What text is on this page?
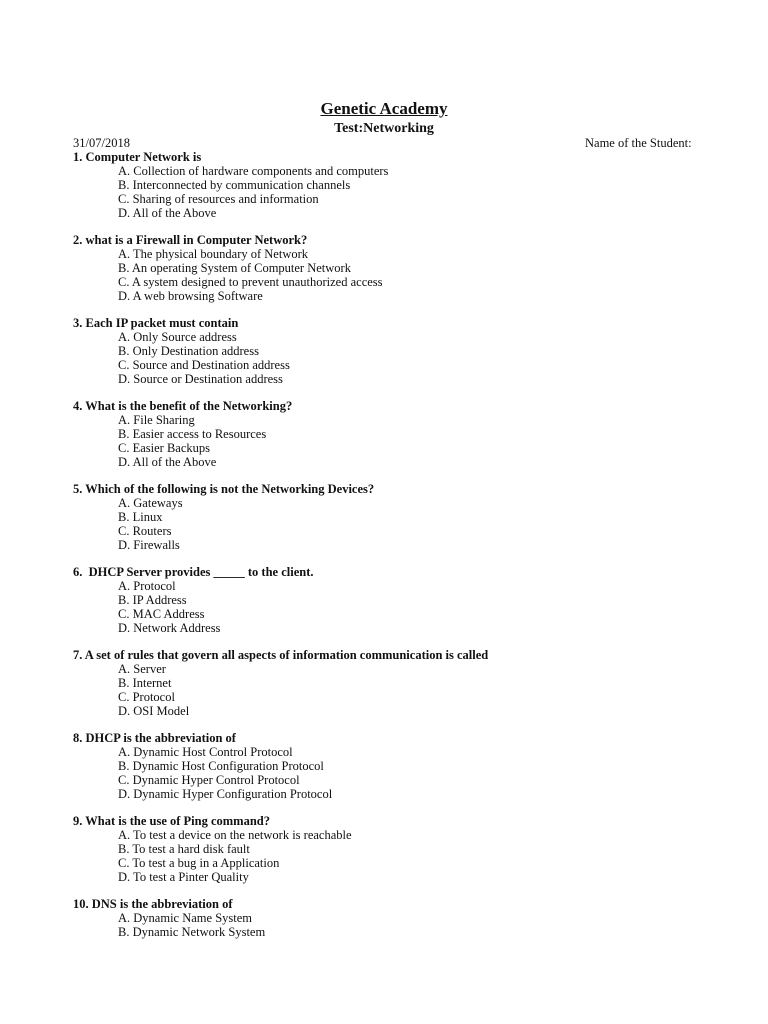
Genetic Academy
Test:Networking
31/07/2018	Name of the Student:
1. Computer Network is
A. Collection of hardware components and computers
B. Interconnected by communication channels
C. Sharing of resources and information
D. All of the Above
2. what is a Firewall in Computer Network?
A. The physical boundary of Network
B. An operating System of Computer Network
C. A system designed to prevent unauthorized access
D. A web browsing Software
3. Each IP packet must contain
A. Only Source address
B. Only Destination address
C. Source and Destination address
D. Source or Destination address
4. What is the benefit of the Networking?
A. File Sharing
B. Easier access to Resources
C. Easier Backups
D. All of the Above
5. Which of the following is not the Networking Devices?
A. Gateways
B. Linux
C. Routers
D. Firewalls
6.  DHCP Server provides _____ to the client.
A. Protocol
B. IP Address
C. MAC Address
D. Network Address
7. A set of rules that govern all aspects of information communication is called
A. Server
B. Internet
C. Protocol
D. OSI Model
8. DHCP is the abbreviation of
A. Dynamic Host Control Protocol
B. Dynamic Host Configuration Protocol
C. Dynamic Hyper Control Protocol
D. Dynamic Hyper Configuration Protocol
9. What is the use of Ping command?
A. To test a device on the network is reachable
B. To test a hard disk fault
C. To test a bug in a Application
D. To test a Pinter Quality
10. DNS is the abbreviation of
A. Dynamic Name System
B. Dynamic Network System
